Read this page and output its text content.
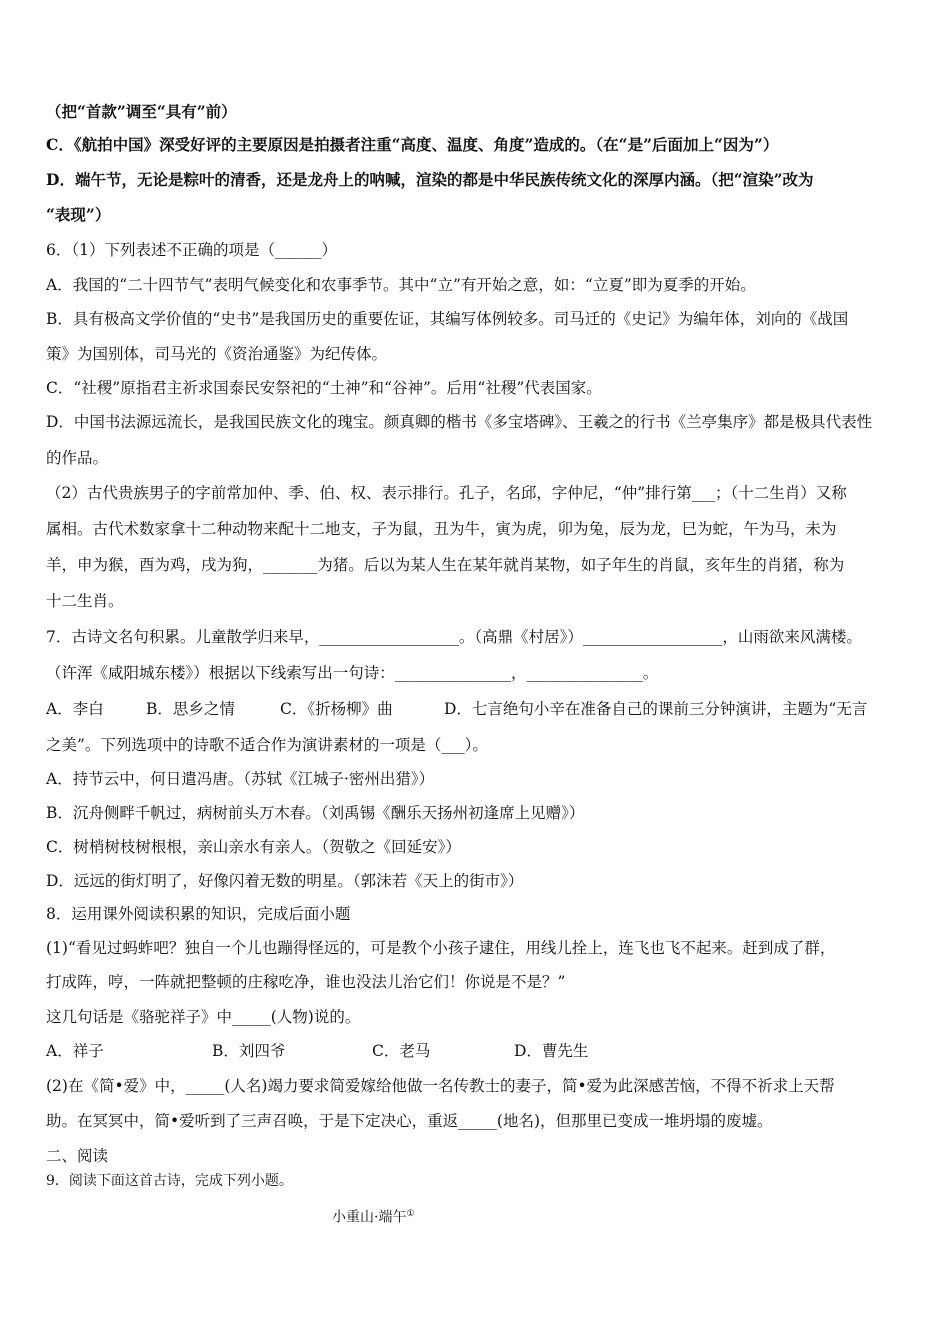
（把“首款”调至“具有”前）
C．《航拍中国》深受好评的主要原因是拍摄者注重“高度、温度、角度”造成的。（在“是”后面加上“因为”）
D．端午节，无论是粽叶的清香，还是龙舟上的呐喊，渲染的都是中华民族传统文化的深厚内涵。（把“渲染”改为
“表现”）
6．（1）下列表述不正确的项是（______）
A．我国的“二十四节气”表明气候变化和农事季节。其中“立”有开始之意，如：“立夏”即为夏季的开始。
B．具有极高文学价值的“史书”是我国历史的重要佐证，其编写体例较多。司马迁的《史记》为编年体，刘向的《战国
策》为国别体，司马光的《资治通鉴》为纪传体。
C．“社稷”原指君主祈求国泰民安祭祀的“土神”和“谷神”。后用“社稷”代表国家。
D．中国书法源远流长，是我国民族文化的瑰宝。颜真卿的楷书《多宝塔碑》、王羲之的行书《兰亭集序》都是极具代表性
的作品。
（2）古代贵族男子的字前常加仲、季、伯、权、表示排行。孔子，名邱，字仲尼，“仲”排行第___；（十二生肖）又称
属相。古代术数家拿十二种动物来配十二地支，子为鼠，丑为牛，寅为虎，卯为兔，辰为龙，巳为蛇，午为马，未为
羊，申为猴，酉为鸡，戌为狗，_______为猪。后以为某人生在某年就肖某物，如子年生的肖鼠，亥年生的肖猪，称为
十二生肖。
7．古诗文名句积累。儿童散学归来早，__________________。（高鼎《村居》）__________________，山雨欲来风满楼。
（许浑《咸阳城东楼》）根据以下线索写出一句诗：_______________，_______________。
A．李白	B．思乡之情	C．《折杨柳》曲	D．七言绝句小辛在准备自己的课前三分钟演讲，主题为“无言
之美”。下列选项中的诗歌不适合作为演讲素材的一项是（___）。
A．持节云中，何日遣冯唐。（苏轼《江城子·密州出猎》）
B．沉舟侧畔千帆过，病树前头万木春。（刘禹锡《酬乐天扬州初逢席上见赠》）
C．树梢树枝树根根，亲山亲水有亲人。（贺敬之《回延安》）
D．远远的街灯明了，好像闪着无数的明星。（郭沫若《天上的街市》）
8．运用课外阅读积累的知识，完成后面小题
(1)“看见过蚂蚱吧？独自一个儿也蹦得怪远的，可是教个小孩子逮住，用线儿拴上，连飞也飞不起来。赶到成了群，
打成阵，哼，一阵就把整顿的庄稼吃净，谁也没法儿治它们！你说是不是？”
这几句话是《骆驼祥子》中_____(人物)说的。
A．祥子	B．刘四爷	C．老马	D．曹先生
(2)在《简•爱》中，_____(人名)竭力要求简爱嫁给他做一名传教士的妻子，简•爱为此深感苦恼，不得不祈求上天帮
助。在冥冥中，简•爱听到了三声召唤，于是下定决心，重返_____(地名)，但那里已变成一堆坍塌的废墟。
二、阅读
9．阅读下面这首古诗，完成下列小题。
小重山·端午①
